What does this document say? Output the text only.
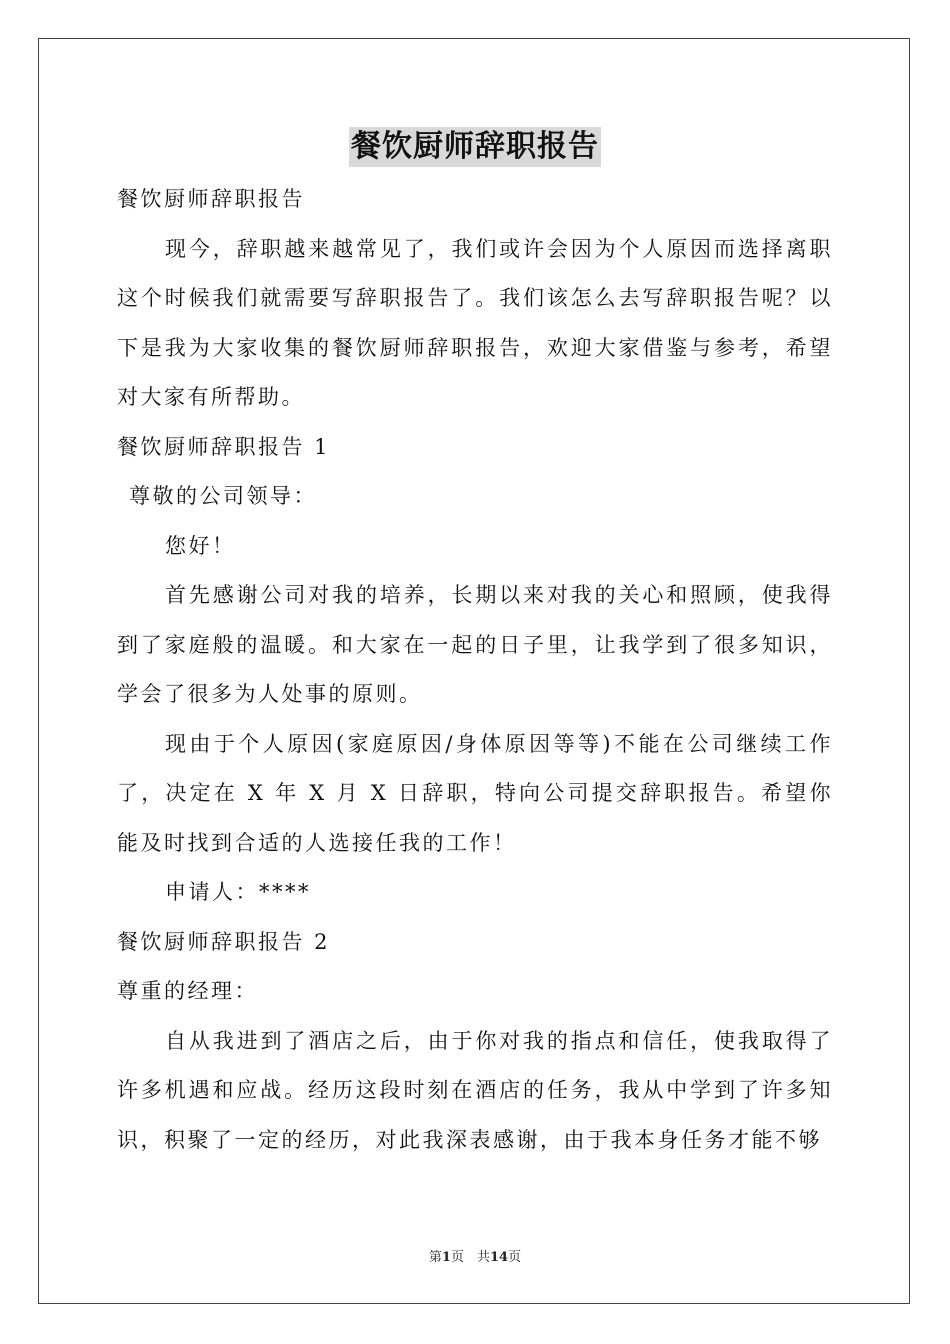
餐饮厨师辞职报告

餐饮厨师辞职报告

现今，辞职越来越常见了，我们或许会因为个人原因而选择离职这个时候我们就需要写辞职报告了。我们该怎么去写辞职报告呢？以下是我为大家收集的餐饮厨师辞职报告，欢迎大家借鉴与参考，希望对大家有所帮助。

餐饮厨师辞职报告 1

尊敬的公司领导：

您好！

首先感谢公司对我的培养，长期以来对我的关心和照顾，使我得到了家庭般的温暖。和大家在一起的日子里，让我学到了很多知识，学会了很多为人处事的原则。

现由于个人原因(家庭原因/身体原因等等)不能在公司继续工作了，决定在 X 年 X 月 X 日辞职，特向公司提交辞职报告。希望你能及时找到合适的人选接任我的工作！

申请人：****

餐饮厨师辞职报告 2

尊重的经理：

自从我进到了酒店之后，由于你对我的指点和信任，使我取得了许多机遇和应战。经历这段时刻在酒店的任务，我从中学到了许多知识，积聚了一定的经历，对此我深表感谢，由于我本身任务才能不够

第1页　共14页
